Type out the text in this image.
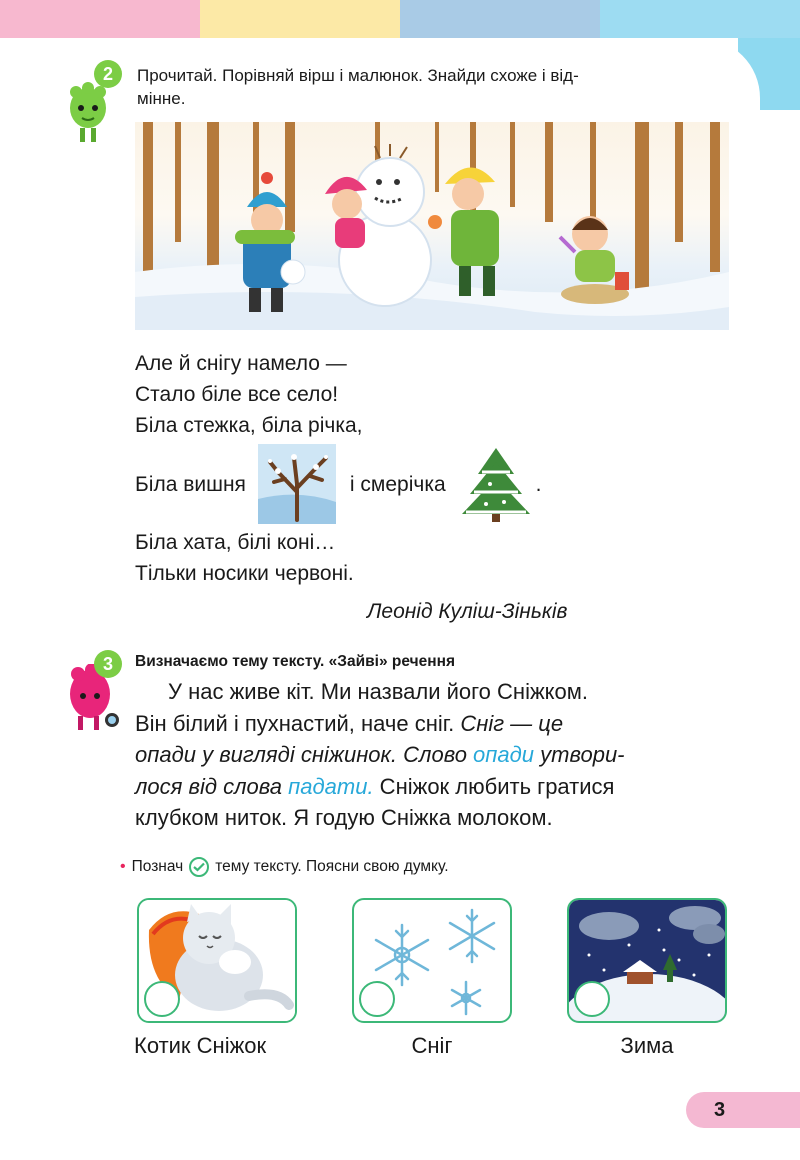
2	Прочитай. Порівняй вірш і малюнок. Знайди схоже і від-
мінне.
Але й снігу намело —
Стало біле все село!
Біла стежка, біла річка,
Біла вишня	і смерічка	.
Біла хата, білі коні…
Тільки носики червоні.
Леонід Куліш-Зіньків
3	Визначаємо тему тексту. «Зайві» речення
У нас живе кіт. Ми назвали його Сніжком.
Він білий і пухнастий, наче сніг. Сніг — це
опади у вигляді сніжинок. Слово опади утвори-
лося від слова падати. Сніжок любить гратися
клубком ниток. Я годую Сніжка молоком.
• Познач тему тексту. Поясни свою думку.
Котик Сніжок	Сніг	Зима
3
